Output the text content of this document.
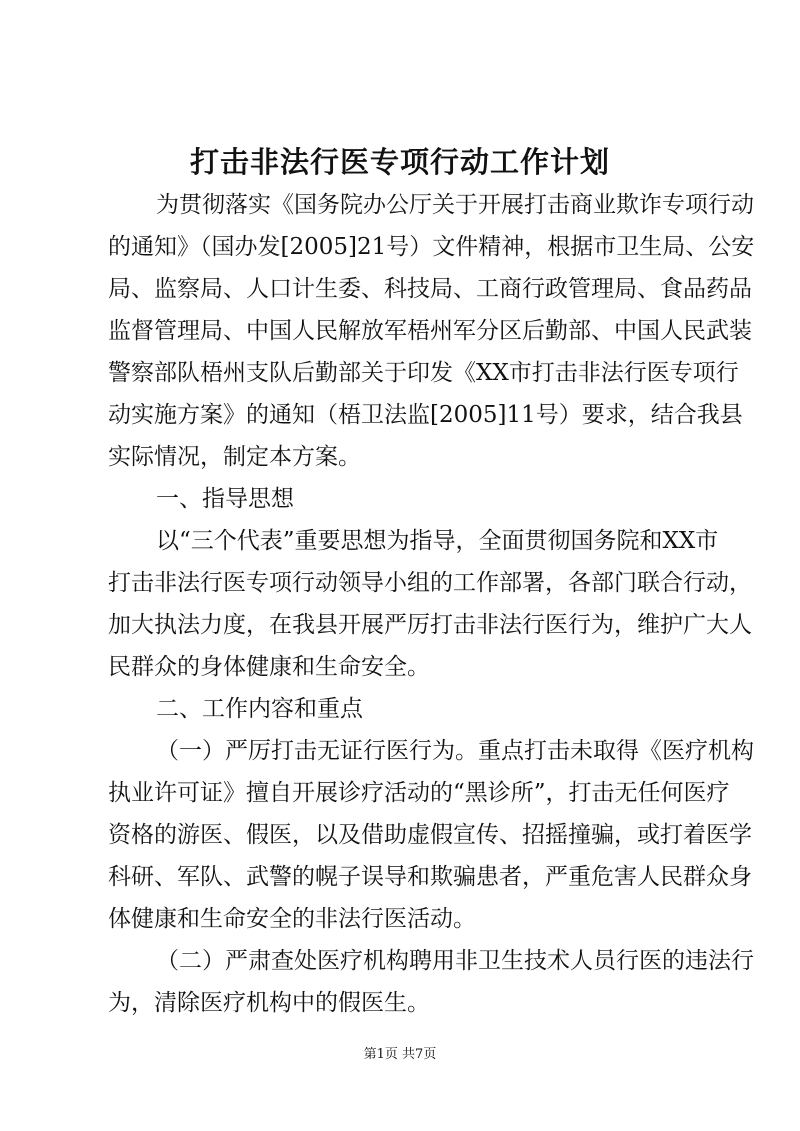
打击非法行医专项行动工作计划
为贯彻落实《国务院办公厅关于开展打击商业欺诈专项行动
的通知》（国办发[2005]21号）文件精神，根据市卫生局、公安
局、监察局、人口计生委、科技局、工商行政管理局、食品药品
监督管理局、中国人民解放军梧州军分区后勤部、中国人民武装
警察部队梧州支队后勤部关于印发《XX市打击非法行医专项行
动实施方案》的通知（梧卫法监[2005]11号）要求，结合我县
实际情况，制定本方案。
一、指导思想
以“三个代表”重要思想为指导，全面贯彻国务院和XX市
打击非法行医专项行动领导小组的工作部署，各部门联合行动，
加大执法力度，在我县开展严厉打击非法行医行为，维护广大人
民群众的身体健康和生命安全。
二、工作内容和重点
（一）严厉打击无证行医行为。重点打击未取得《医疗机构
执业许可证》擅自开展诊疗活动的“黑诊所”，打击无任何医疗
资格的游医、假医，以及借助虚假宣传、招摇撞骗，或打着医学
科研、军队、武警的幌子误导和欺骗患者，严重危害人民群众身
体健康和生命安全的非法行医活动。
（二）严肃查处医疗机构聘用非卫生技术人员行医的违法行
为，清除医疗机构中的假医生。
第1页 共7页
